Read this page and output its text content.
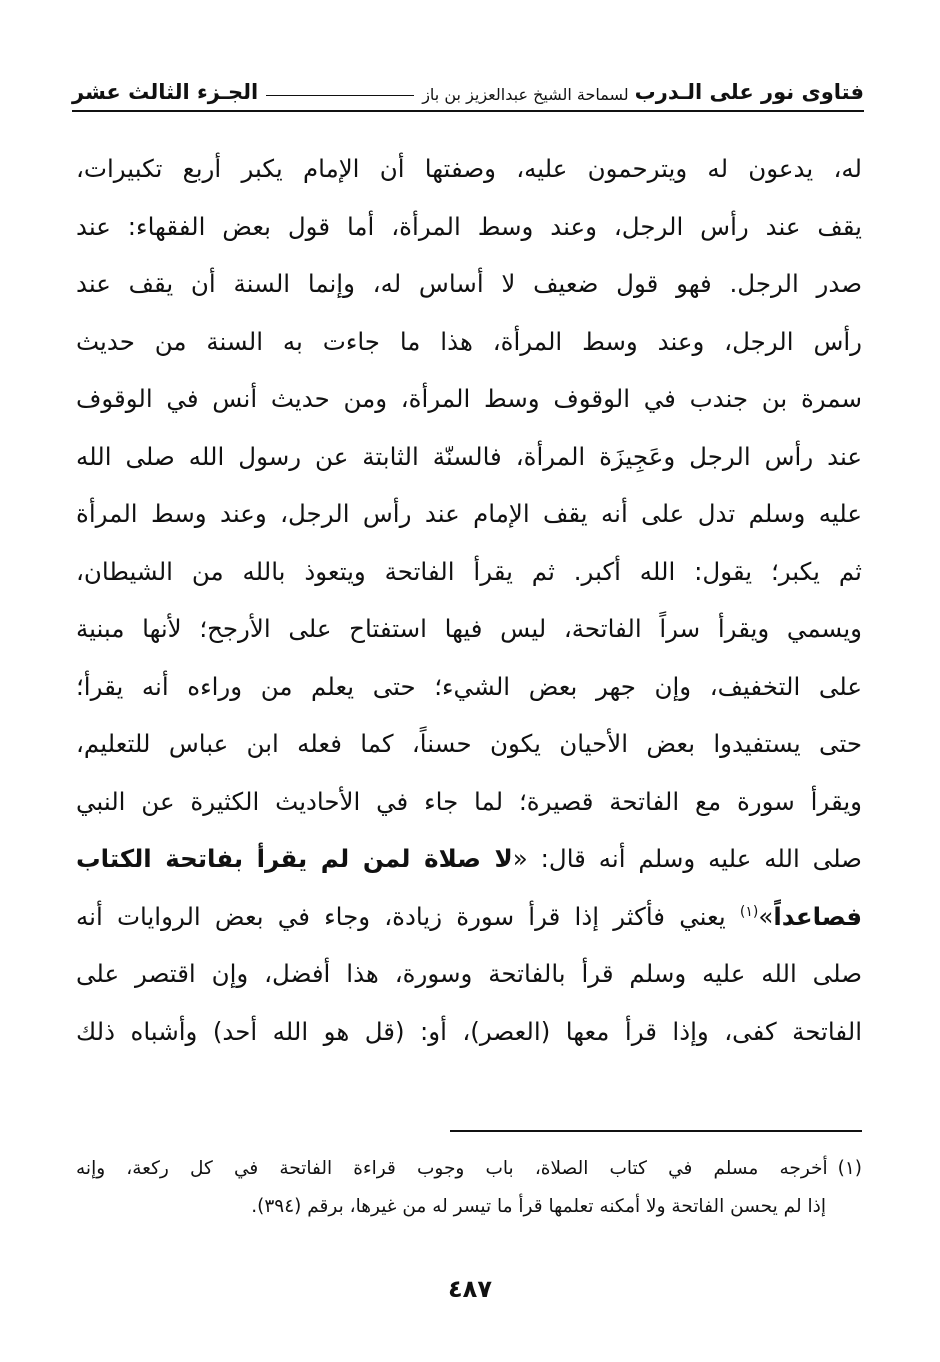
فتاوى نور على الـدرب
لسماحة الشيخ عبدالعزيز بن باز
الجـزء الثالث عشر
له، يدعون له ويترحمون عليه، وصفتها أن الإمام يكبر أربع تكبيرات،
يقف عند رأس الرجل، وعند وسط المرأة، أما قول بعض الفقهاء: عند
صدر الرجل. فهو قول ضعيف لا أساس له، وإنما السنة أن يقف عند
رأس الرجل، وعند وسط المرأة، هذا ما جاءت به السنة من حديث
سمرة بن جندب في الوقوف وسط المرأة، ومن حديث أنس في الوقوف
عند رأس الرجل وعَجِيزَة المرأة، فالسنّة الثابتة عن رسول الله صلى الله
عليه وسلم تدل على أنه يقف الإمام عند رأس الرجل، وعند وسط المرأة
ثم يكبر؛ يقول: الله أكبر. ثم يقرأ الفاتحة ويتعوذ بالله من الشيطان،
ويسمي ويقرأ سراً الفاتحة، ليس فيها استفتاح على الأرجح؛ لأنها مبنية
على التخفيف، وإن جهر بعض الشيء؛ حتى يعلم من وراءه أنه يقرأ؛
حتى يستفيدوا بعض الأحيان يكون حسناً، كما فعله ابن عباس للتعليم،
ويقرأ سورة مع الفاتحة قصيرة؛ لما جاء في الأحاديث الكثيرة عن النبي
صلى الله عليه وسلم أنه قال: «لا صلاة لمن لم يقرأ بفاتحة الكتاب
فصاعداً»$^{(١)}$ يعني فأكثر إذا قرأ سورة زيادة، وجاء في بعض الروايات أنه
صلى الله عليه وسلم قرأ بالفاتحة وسورة، هذا أفضل، وإن اقتصر على
الفاتحة كفى، وإذا قرأ معها (العصر)، أو: (قل هو الله أحد) وأشباه ذلك
(١)أخرجه مسلم في كتاب الصلاة، باب وجوب قراءة الفاتحة في كل ركعة، وإنه
إذا لم يحسن الفاتحة ولا أمكنه تعلمها قرأ ما تيسر له من غيرها، برقم (٣٩٤).
٤٨٧
